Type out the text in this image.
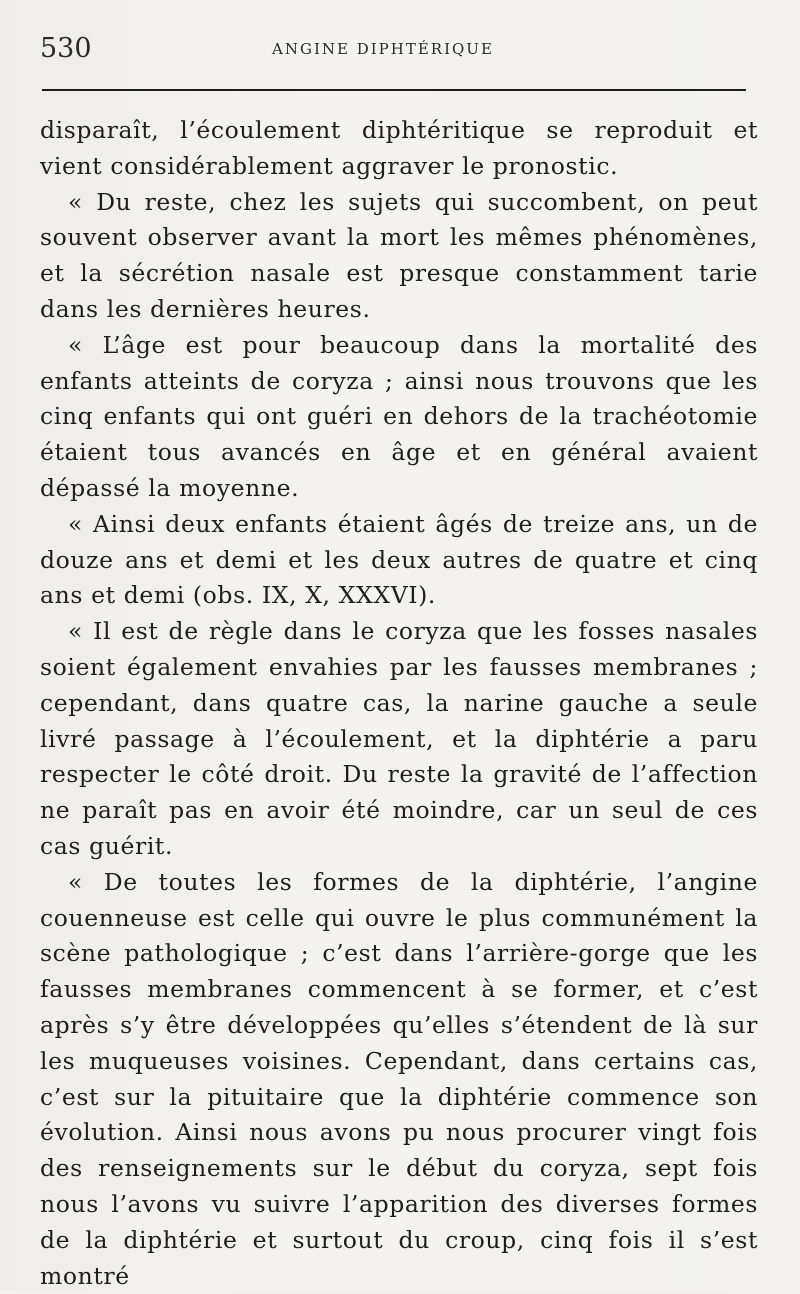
530	ANGINE DIPHTÉRIQUE

disparaît, l’écoulement diphtéritique se reproduit et vient considérablement aggraver le pronostic.

« Du reste, chez les sujets qui succombent, on peut souvent observer avant la mort les mêmes phénomènes, et la sécrétion nasale est presque constamment tarie dans les dernières heures.

« L’âge est pour beaucoup dans la mortalité des enfants atteints de coryza ; ainsi nous trouvons que les cinq enfants qui ont guéri en dehors de la trachéotomie étaient tous avancés en âge et en général avaient dépassé la moyenne.

« Ainsi deux enfants étaient âgés de treize ans, un de douze ans et demi et les deux autres de quatre et cinq ans et demi (obs. IX, X, XXXVI).

« Il est de règle dans le coryza que les fosses nasales soient également envahies par les fausses membranes ; cependant, dans quatre cas, la narine gauche a seule livré passage à l’écoulement, et la diphtérie a paru respecter le côté droit. Du reste la gravité de l’affection ne paraît pas en avoir été moindre, car un seul de ces cas guérit.

« De toutes les formes de la diphtérie, l’angine couenneuse est celle qui ouvre le plus communément la scène pathologique ; c’est dans l’arrière-gorge que les fausses membranes commencent à se former, et c’est après s’y être développées qu’elles s’étendent de là sur les muqueuses voisines. Cependant, dans certains cas, c’est sur la pituitaire que la diphtérie commence son évolution. Ainsi nous avons pu nous procurer vingt fois des renseignements sur le début du coryza, sept fois nous l’avons vu suivre l’apparition des diverses formes de la diphtérie et surtout du croup, cinq fois il s’est montré
